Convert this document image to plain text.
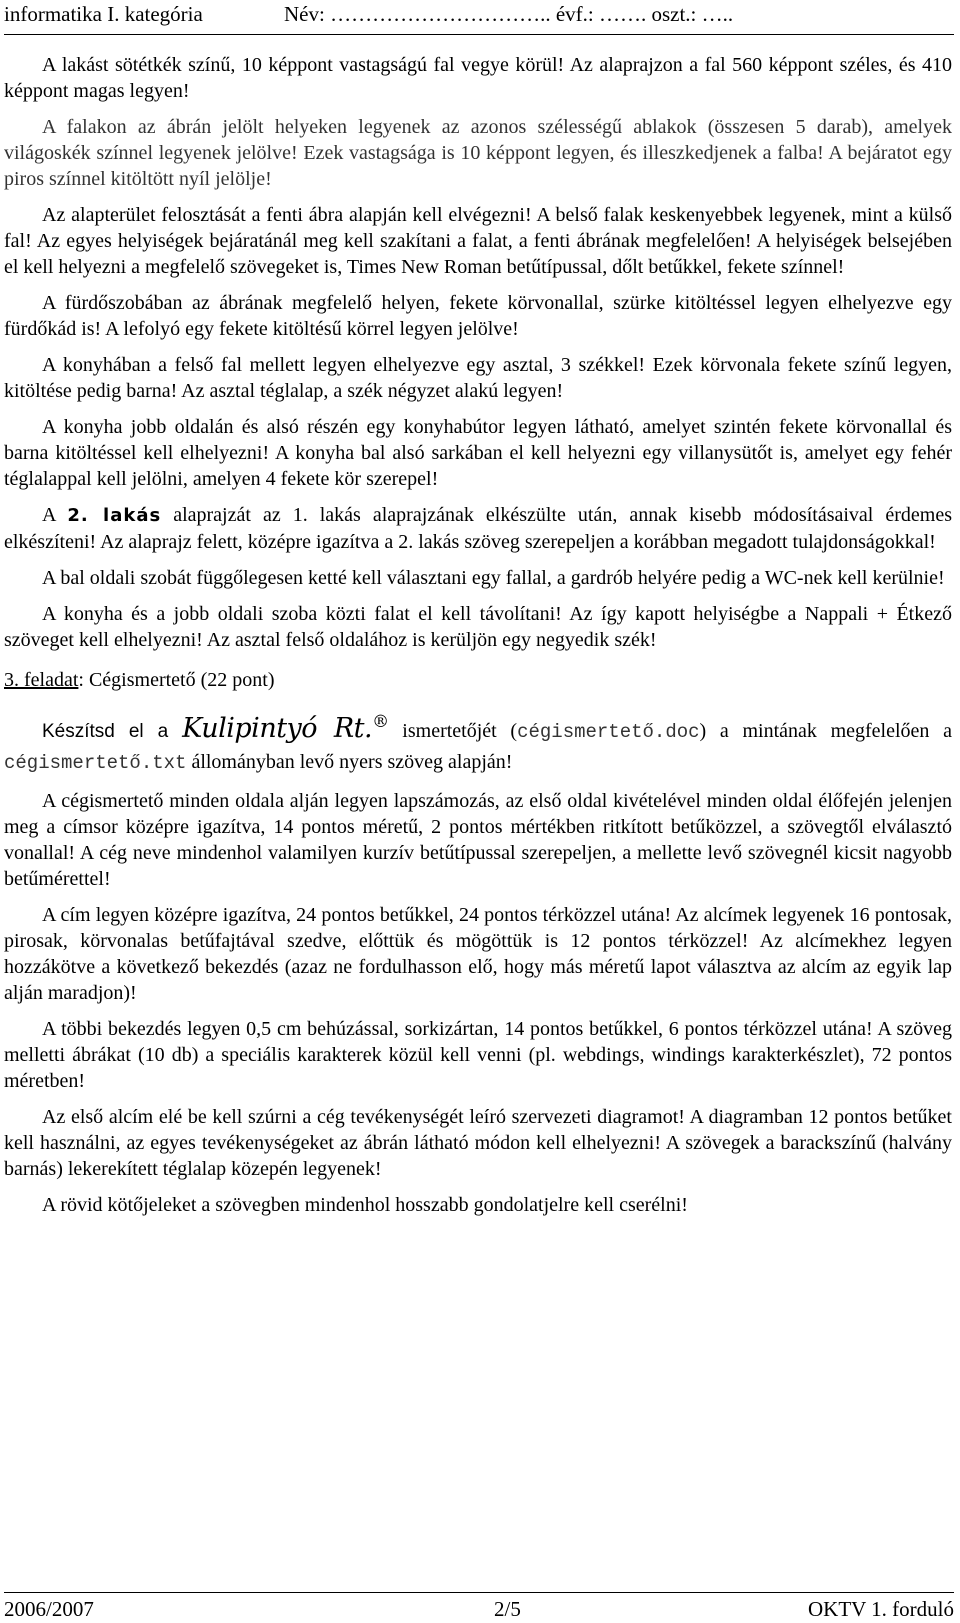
informatika I. kategória	Név: ………………………….. évf.: ……. oszt.: …..

A lakást sötétkék színű, 10 képpont vastagságú fal vegye körül! Az alaprajzon a fal 560 képpont széles, és 410 képpont magas legyen!

A falakon az ábrán jelölt helyeken legyenek az azonos szélességű ablakok (összesen 5 darab), amelyek világoskék színnel legyenek jelölve! Ezek vastagsága is 10 képpont legyen, és illeszkedjenek a falba! A bejáratot egy piros színnel kitöltött nyíl jelölje!

Az alapterület felosztását a fenti ábra alapján kell elvégezni! A belső falak keskenyebbek legyenek, mint a külső fal! Az egyes helyiségek bejáratánál meg kell szakítani a falat, a fenti ábrának megfelelően! A helyiségek belsejében el kell helyezni a megfelelő szövegeket is, Times New Roman betűtípussal, dőlt betűkkel, fekete színnel!

A fürdőszobában az ábrának megfelelő helyen, fekete körvonallal, szürke kitöltéssel legyen elhelyezve egy fürdőkád is! A lefolyó egy fekete kitöltésű körrel legyen jelölve!

A konyhában a felső fal mellett legyen elhelyezve egy asztal, 3 székkel! Ezek körvonala fekete színű legyen, kitöltése pedig barna! Az asztal téglalap, a szék négyzet alakú legyen!

A konyha jobb oldalán és alsó részén egy konyhabútor legyen látható, amelyet szintén fekete körvonallal és barna kitöltéssel kell elhelyezni! A konyha bal alsó sarkában el kell helyezni egy villanysütőt is, amelyet egy fehér téglalappal kell jelölni, amelyen 4 fekete kör szerepel!

A 2. lakás alaprajzát az 1. lakás alaprajzának elkészülte után, annak kisebb módosításaival érdemes elkészíteni! Az alaprajz felett, középre igazítva a 2. lakás szöveg szerepeljen a korábban megadott tulajdonságokkal!

A bal oldali szobát függőlegesen ketté kell választani egy fallal, a gardrób helyére pedig a WC-nek kell kerülnie!

A konyha és a jobb oldali szoba közti falat el kell távolítani! Az így kapott helyiségbe a Nappali + Étkező szöveget kell elhelyezni! Az asztal felső oldalához is kerüljön egy negyedik szék!

3. feladat: Cégismertető (22 pont)

Készítsd el a Kulipintyó Rt.® ismertetőjét (cégismertető.doc) a mintának megfelelően a cégismertető.txt állományban levő nyers szöveg alapján!

A cégismertető minden oldala alján legyen lapszámozás, az első oldal kivételével minden oldal élőfején jelenjen meg a címsor középre igazítva, 14 pontos méretű, 2 pontos mértékben ritkított betűközzel, a szövegtől elválasztó vonallal! A cég neve mindenhol valamilyen kurzív betűtípussal szerepeljen, a mellette levő szövegnél kicsit nagyobb betűmérettel!

A cím legyen középre igazítva, 24 pontos betűkkel, 24 pontos térközzel utána! Az alcímek legyenek 16 pontosak, pirosak, körvonalas betűfajtával szedve, előttük és mögöttük is 12 pontos térközzel! Az alcímekhez legyen hozzákötve a következő bekezdés (azaz ne fordulhasson elő, hogy más méretű lapot választva az alcím az egyik lap alján maradjon)!

A többi bekezdés legyen 0,5 cm behúzással, sorkizártan, 14 pontos betűkkel, 6 pontos térközzel utána! A szöveg melletti ábrákat (10 db) a speciális karakterek közül kell venni (pl. webdings, windings karakterkészlet), 72 pontos méretben!

Az első alcím elé be kell szúrni a cég tevékenységét leíró szervezeti diagramot! A diagramban 12 pontos betűket kell használni, az egyes tevékenységeket az ábrán látható módon kell elhelyezni! A szövegek a barackszínű (halvány barnás) lekerekített téglalap közepén legyenek!

A rövid kötőjeleket a szövegben mindenhol hosszabb gondolatjelre kell cserélni!

2006/2007	2/5	OKTV 1. forduló
